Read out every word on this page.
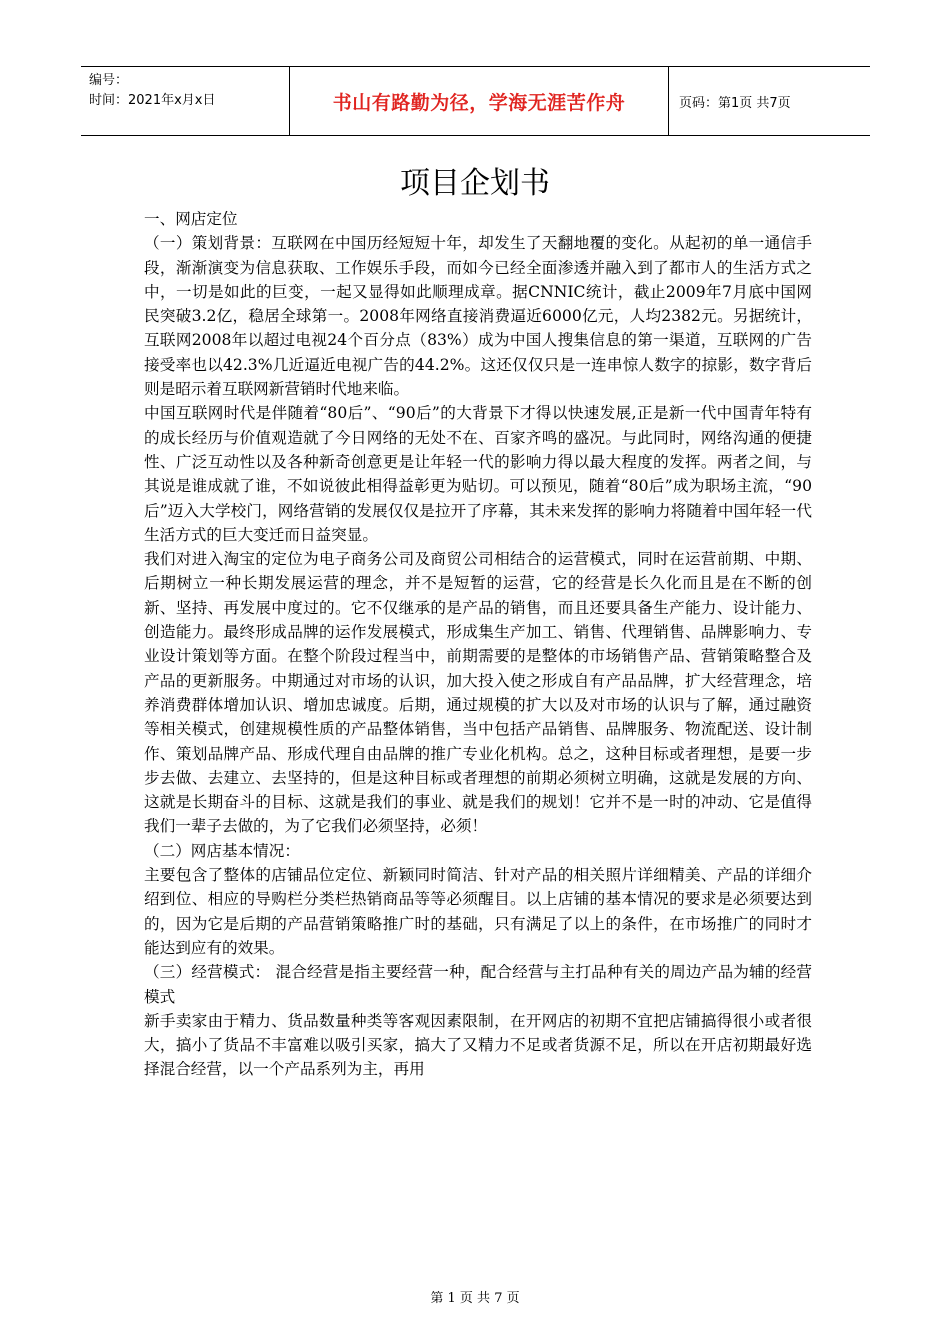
编号：
时间：2021年x月x日	书山有路勤为径，学海无涯苦作舟	页码：第1页 共7页
项目企划书

一、网店定位

（一）策划背景：互联网在中国历经短短十年，却发生了天翻地覆的变化。从起初的单一通信手段，渐渐演变为信息获取、工作娱乐手段，而如今已经全面渗透并融入到了都市人的生活方式之中，一切是如此的巨变，一起又显得如此顺理成章。据CNNIC统计，截止2009年7月底中国网民突破3.2亿，稳居全球第一。2008年网络直接消费逼近6000亿元，人均2382元。另据统计，互联网2008年以超过电视24个百分点（83%）成为中国人搜集信息的第一渠道，互联网的广告接受率也以42.3%几近逼近电视广告的44.2%。这还仅仅只是一连串惊人数字的掠影，数字背后则是昭示着互联网新营销时代地来临。

中国互联网时代是伴随着“80后”、“90后”的大背景下才得以快速发展,正是新一代中国青年特有的成长经历与价值观造就了今日网络的无处不在、百家齐鸣的盛况。与此同时，网络沟通的便捷性、广泛互动性以及各种新奇创意更是让年轻一代的影响力得以最大程度的发挥。两者之间，与其说是谁成就了谁，不如说彼此相得益彰更为贴切。可以预见，随着“80后”成为职场主流，“90后”迈入大学校门，网络营销的发展仅仅是拉开了序幕，其未来发挥的影响力将随着中国年轻一代生活方式的巨大变迁而日益突显。

我们对进入淘宝的定位为电子商务公司及商贸公司相结合的运营模式，同时在运营前期、中期、后期树立一种长期发展运营的理念，并不是短暂的运营，它的经营是长久化而且是在不断的创新、坚持、再发展中度过的。它不仅继承的是产品的销售，而且还要具备生产能力、设计能力、创造能力。最终形成品牌的运作发展模式，形成集生产加工、销售、代理销售、品牌影响力、专业设计策划等方面。在整个阶段过程当中，前期需要的是整体的市场销售产品、营销策略整合及产品的更新服务。中期通过对市场的认识，加大投入使之形成自有产品品牌，扩大经营理念，培养消费群体增加认识、增加忠诚度。后期，通过规模的扩大以及对市场的认识与了解，通过融资等相关模式，创建规模性质的产品整体销售，当中包括产品销售、品牌服务、物流配送、设计制作、策划品牌产品、形成代理自由品牌的推广专业化机构。总之，这种目标或者理想，是要一步步去做、去建立、去坚持的，但是这种目标或者理想的前期必须树立明确，这就是发展的方向、这就是长期奋斗的目标、这就是我们的事业、就是我们的规划！它并不是一时的冲动、它是值得我们一辈子去做的，为了它我们必须坚持，必须！

（二）网店基本情况：

主要包含了整体的店铺品位定位、新颖同时简洁、针对产品的相关照片详细精美、产品的详细介绍到位、相应的导购栏分类栏热销商品等等必须醒目。以上店铺的基本情况的要求是必须要达到的，因为它是后期的产品营销策略推广时的基础，只有满足了以上的条件，在市场推广的同时才能达到应有的效果。

（三）经营模式： 混合经营是指主要经营一种，配合经营与主打品种有关的周边产品为辅的经营模式

新手卖家由于精力、货品数量种类等客观因素限制，在开网店的初期不宜把店铺搞得很小或者很大，搞小了货品不丰富难以吸引买家，搞大了又精力不足或者货源不足，所以在开店初期最好选择混合经营，以一个产品系列为主，再用

第 1 页 共 7 页
